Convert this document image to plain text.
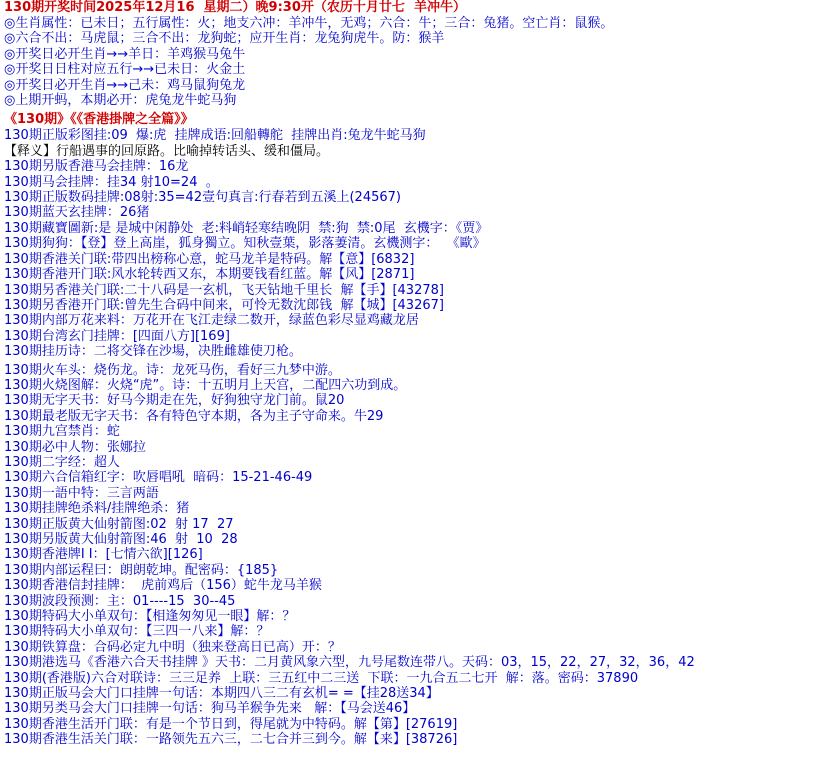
130期开奖时间2025年12月16  星期二）晚9:30开（农历十月廿七  羊冲牛）
◎生肖属性：已未日；五行属性：火；地支六冲：羊冲牛，无鸡；六合：牛；三合：兔猪。空亡肖：鼠猴。
◎六合不出：马虎鼠；三合不出：龙狗蛇；应开生肖：龙兔狗虎牛。防：猴羊
◎开奖日必开生肖→→羊日：羊鸡猴马兔牛
◎开奖日日柱对应五行→→已未日：火金土
◎开奖日必开生肖→→己未：鸡马鼠狗兔龙
◎上期开蚂，本期必开：虎兔龙牛蛇马狗
《130期》《《香港掛牌之全篇》》
130期正版彩图挂:09  爆:虎  挂牌成语:回船轉舵  挂牌出肖:兔龙牛蛇马狗
【释义】行船遇事的回原路。比喻掉转话头、缓和僵局。
130期另版香港马会挂牌：16龙
130期马会挂牌：挂34 射10=24  。
130期正版数码挂牌:08射:35=42壹句真言:行春若到五溪上(24567)
130期蓝天玄挂牌：26猪
130期藏寶圖新:是 是城中闲静处  老:料峭轻寒结晚阴  禁:狗  禁:0尾  玄機字：《贾》
130期狗狗：【登】登上高崖，狐身獨立。知秋壹葉，影落萋清。玄機测字：  《歐》
130期香港关门联:带四出榜称心意，蛇马龙羊是特码。解【意】[6832]
130期香港开门联:风水轮转西又东，本期要钱看红蓝。解【风】[2871]
130期另香港关门联:二十八码是一玄机，飞天钻地千里长  解【手】[43278]
130期另香港开门联:曾先生合码中间来，可怜无数沈郎钱  解【城】[43267]
130期内部万花来料：万花开在飞江走绿二数开，绿蓝色彩尽显鸡藏龙居
130期台湾玄门挂牌：[四面八方][169]
130期挂历诗：二将交锋在沙場，决胜雌雄使刀枪。
130期火车头：烧伤龙。诗：龙死马伤，看好三九梦中游。
130期火烧图解：火烧“虎”。诗：十五明月上天宫，二配四六功到成。
130期无字天书：好马今期走在先，好狗独守龙门前。鼠20
130期最老版无字天书：各有特色守本期，各为主子守命来。牛29
130期九宫禁肖：蛇
130期必中人物：张娜拉
130期二字经：超人
130期六合信箱红字：吹唇唱吼  暗码：15-21-46-49
130期一語中特：三言两語
130期挂牌绝杀料/挂牌绝杀：猪
130期正版黄大仙射箭图:02  射 17  27
130期另版黄大仙射箭图:46  射  10  28
130期香港牌I I：[七情六欲][126]
130期内部运程曰：朗朗乾坤。配密码：{185}
130期香港信封挂牌：  虎前鸡后（156）蛇牛龙马羊猴
130期波段预测：主：01----15  30--45
130期特码大小单双句：【相逢匆匆见一眼】解：？
130期特码大小单双句：【三四一八来】解：？
130期铁算盘：合码必定九中明（独来登高日已高）开：？
130期港选马《香港六合天书挂牌 》天书：二月黄风象六型，九号尾数连带八。天码：03，15，22，27，32，36，42
130期(香港版)六合对联诗：三三足养  上联：三五红中二三送  下联：一九合五二七开  解：落。密码：37890
130期正版马会大门口挂牌一句话：本期四八三二有玄机= =【挂28送34】
130期另类马会大门口挂牌一句话：狗马羊猴争先来   解：【马会送46】
130期香港生活开门联：有是一个节日到，得尾就为中特码。解【第】[27619]
130期香港生活关门联：一路领先五六三，二七合并三到今。解【来】[38726]
